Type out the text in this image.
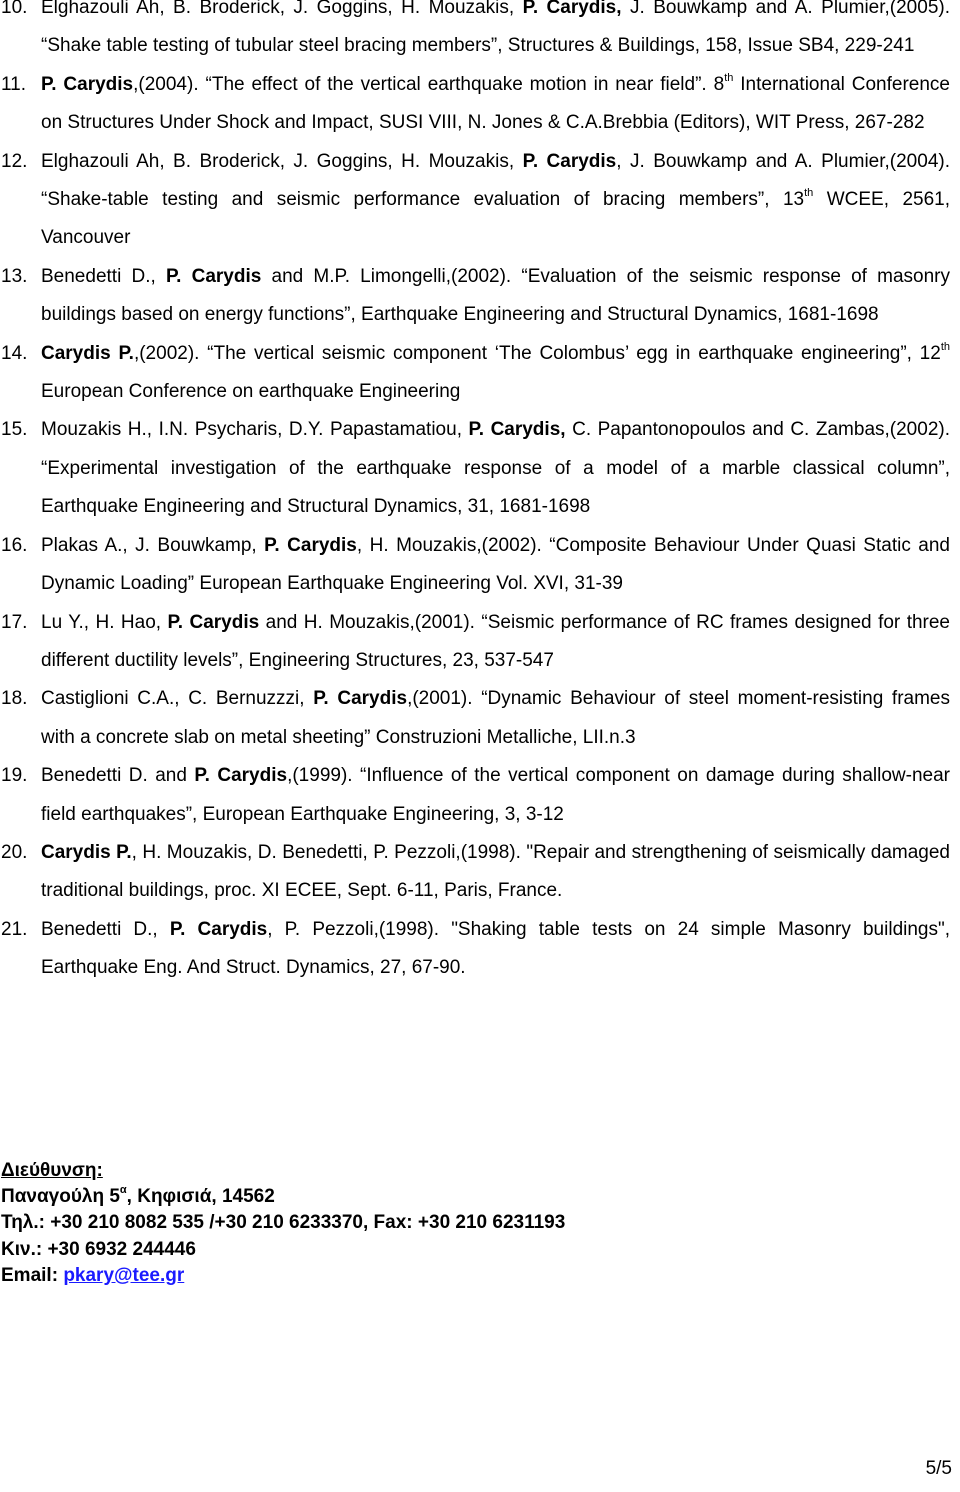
10. Elghazouli Ah, B. Broderick, J. Goggins, H. Mouzakis, P. Carydis, J. Bouwkamp and A. Plumier,(2005). “Shake table testing of tubular steel bracing members”, Structures & Buildings, 158, Issue SB4, 229-241
11. P. Carydis,(2004). “The effect of the vertical earthquake motion in near field”. 8th International Conference on Structures Under Shock and Impact, SUSI VIII, N. Jones & C.A.Brebbia (Editors), WIT Press, 267-282
12. Elghazouli Ah, B. Broderick, J. Goggins, H. Mouzakis, P. Carydis, J. Bouwkamp and A. Plumier,(2004). “Shake-table testing and seismic performance evaluation of bracing members”, 13th WCEE, 2561, Vancouver
13. Benedetti D., P. Carydis and M.P. Limongelli,(2002). “Evaluation of the seismic response of masonry buildings based on energy functions”, Earthquake Engineering and Structural Dynamics, 1681-1698
14. Carydis P.,(2002). “The vertical seismic component ‘The Colombus’ egg in earthquake engineering”, 12th European Conference on earthquake Engineering
15. Mouzakis H., I.N. Psycharis, D.Y. Papastamatiou, P. Carydis, C. Papantonopoulos and C. Zambas,(2002). “Experimental investigation of the earthquake response of a model of a marble classical column”, Earthquake Engineering and Structural Dynamics, 31, 1681-1698
16. Plakas A., J. Bouwkamp, P. Carydis, H. Mouzakis,(2002). “Composite Behaviour Under Quasi Static and Dynamic Loading” European Earthquake Engineering Vol. XVI, 31-39
17. Lu Y., H. Hao, P. Carydis and H. Mouzakis,(2001). “Seismic performance of RC frames designed for three different ductility levels”, Engineering Structures, 23, 537-547
18. Castiglioni C.A., C. Bernuzzzi, P. Carydis,(2001). “Dynamic Behaviour of steel moment-resisting frames with a concrete slab on metal sheeting” Construzioni Metalliche, LII.n.3
19. Benedetti D. and P. Carydis,(1999). “Influence of the vertical component on damage during shallow-near field earthquakes”, European Earthquake Engineering, 3, 3-12
20. Carydis P., H. Mouzakis, D. Benedetti, P. Pezzoli,(1998). "Repair and strengthening of seismically damaged traditional buildings, proc. XI ECEE, Sept. 6-11, Paris, France.
21. Benedetti D., P. Carydis, P. Pezzoli,(1998). "Shaking table tests on 24 simple Masonry buildings", Earthquake Eng. And Struct. Dynamics, 27, 67-90.
Διεύθυνση:
Παναγούλη $5^\alpha$, Κηφισιά, 14562
Τηλ.: +30 210 8082 535 /+30 210 6233370, Fax: +30 210 6231193
Κιν.: +30 6932 244446
Email: pkary@tee.gr
5/5
